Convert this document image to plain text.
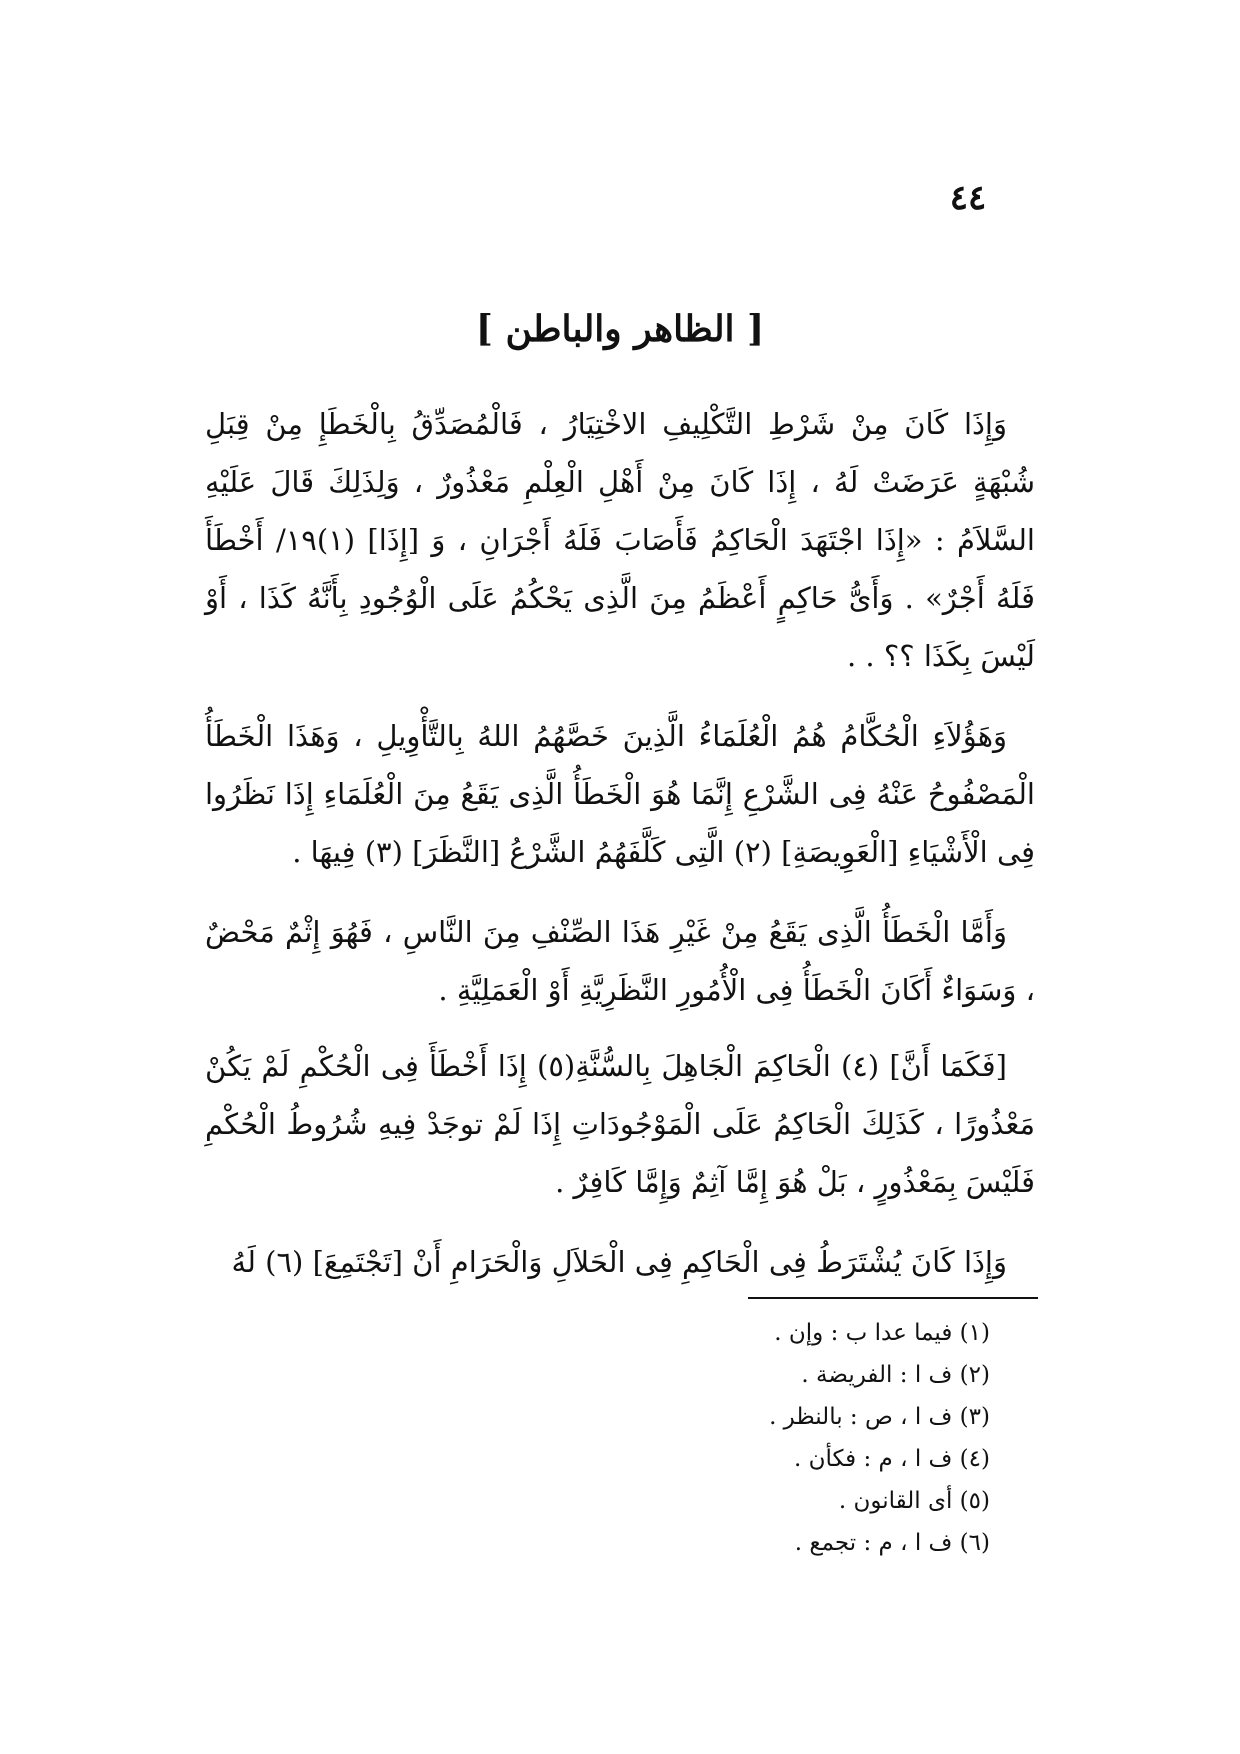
٤٤
[ الظاهر والباطن ]

وَإِذَا كَانَ مِنْ شَرْطِ التَّكْلِيفِ الاخْتِيَارُ ، فَالْمُصَدِّقُ بِالْخَطَإِ مِنْ قِبَلِ شُبْهَةٍ عَرَضَتْ لَهُ ، إِذَا كَانَ مِنْ أَهْلِ الْعِلْمِ مَعْذُورٌ ، وَلِذَلِكَ قَالَ عَلَيْهِ السَّلاَمُ : «إِذَا اجْتَهَدَ الْحَاكِمُ فَأَصَابَ فَلَهُ أَجْرَانِ ، وَ [إِذَا] (١)١٩/ أَخْطَأَ فَلَهُ أَجْرٌ» . وَأَىُّ حَاكِمٍ أَعْظَمُ مِنَ الَّذِى يَحْكُمُ عَلَى الْوُجُودِ بِأَنَّهُ كَذَا ، أَوْ لَيْسَ بِكَذَا ؟؟ . .

وَهَؤُلاَءِ الْحُكَّامُ هُمُ الْعُلَمَاءُ الَّذِينَ خَصَّهُمُ اللهُ بِالتَّأْوِيلِ ، وَهَذَا الْخَطَأُ الْمَصْفُوحُ عَنْهُ فِى الشَّرْعِ إِنَّمَا هُوَ الْخَطَأُ الَّذِى يَقَعُ مِنَ الْعُلَمَاءِ إِذَا نَظَرُوا فِى الْأَشْيَاءِ [الْعَوِيصَةِ] (٢) الَّتِى كَلَّفَهُمُ الشَّرْعُ [النَّظَرَ] (٣) فِيهَا .

وَأَمَّا الْخَطَأُ الَّذِى يَقَعُ مِنْ غَيْرِ هَذَا الصِّنْفِ مِنَ النَّاسِ ، فَهُوَ إِثْمٌ مَحْضٌ ، وَسَوَاءٌ أَكَانَ الْخَطَأُ فِى الْأُمُورِ النَّظَرِيَّةِ أَوْ الْعَمَلِيَّةِ .

[فَكَمَا أَنَّ] (٤) الْحَاكِمَ الْجَاهِلَ بِالسُّنَّةِ(٥) إِذَا أَخْطَأَ فِى الْحُكْمِ لَمْ يَكُنْ مَعْذُورًا ، كَذَلِكَ الْحَاكِمُ عَلَى الْمَوْجُودَاتِ إِذَا لَمْ توجَدْ فِيهِ شُرُوطُ الْحُكْمِ فَلَيْسَ بِمَعْذُورٍ ، بَلْ هُوَ إِمَّا آثِمٌ وَإِمَّا كَافِرٌ .

وَإِذَا كَانَ يُشْتَرَطُ فِى الْحَاكِمِ فِى الْحَلاَلِ وَالْحَرَامِ أَنْ [تَجْتَمِعَ] (٦) لَهُ

(١) فيما عدا ب : وإن .
(٢) ف ا : الفريضة .
(٣) ف ا ، ص : بالنظر .
(٤) ف ا ، م : فكأن .
(٥) أى القانون .
(٦) ف ا ، م : تجمع .
